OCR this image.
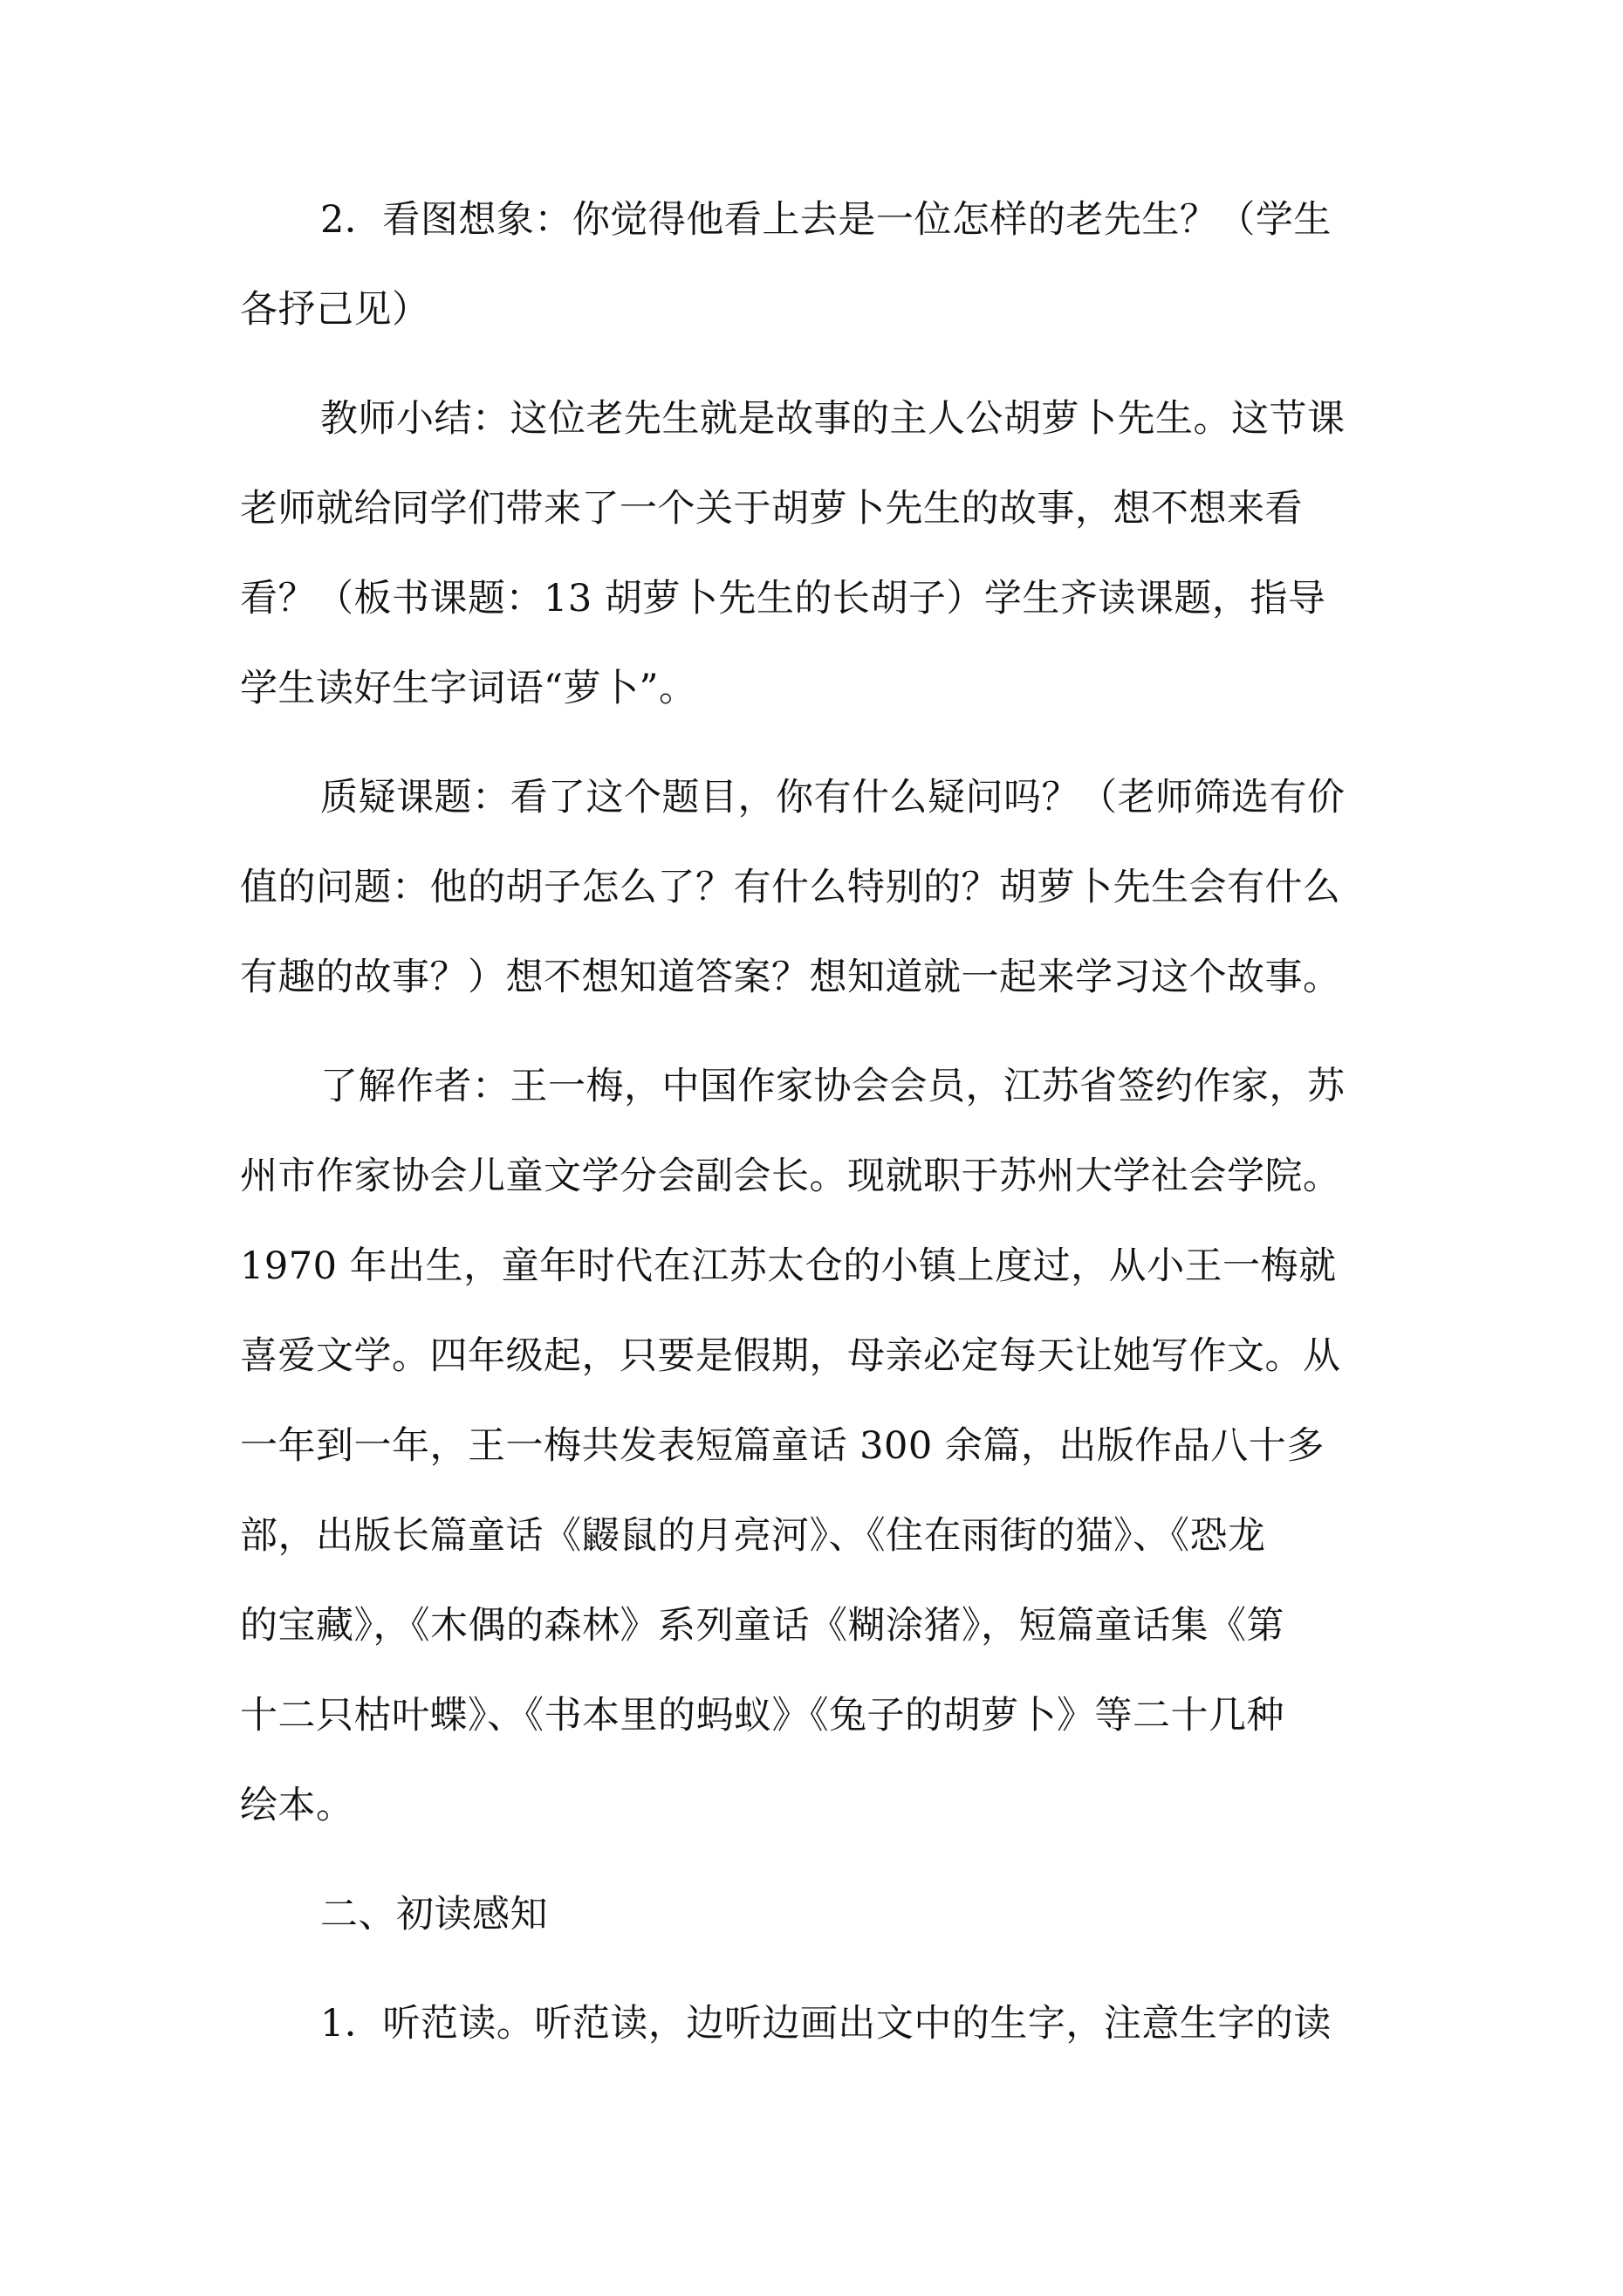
2．看图想象：你觉得他看上去是一位怎样的老先生？（学生
各抒己见）
教师小结：这位老先生就是故事的主人公胡萝卜先生。这节课
老师就给同学们带来了一个关于胡萝卜先生的故事，想不想来看
看？（板书课题：13 胡萝卜先生的长胡子）学生齐读课题，指导
学生读好生字词语“萝卜”。
质疑课题：看了这个题目，你有什么疑问吗？（老师筛选有价
值的问题：他的胡子怎么了？有什么特别的？胡萝卜先生会有什么
有趣的故事？）想不想知道答案？想知道就一起来学习这个故事。
了解作者：王一梅，中国作家协会会员，江苏省签约作家，苏
州市作家协会儿童文学分会副会长。现就职于苏州大学社会学院。
1970 年出生，童年时代在江苏太仓的小镇上度过，从小王一梅就
喜爱文学。四年级起，只要是假期，母亲必定每天让她写作文。从
一年到一年，王一梅共发表短篇童话 300 余篇，出版作品八十多
部，出版长篇童话《鼹鼠的月亮河》、《住在雨街的猫》、《恐龙
的宝藏》，《木偶的森林》系列童话《糊涂猪》，短篇童话集《第
十二只枯叶蝶》、《书本里的蚂蚁》《兔子的胡萝卜》等二十几种
绘本。
二、初读感知
1．听范读。听范读，边听边画出文中的生字，注意生字的读
